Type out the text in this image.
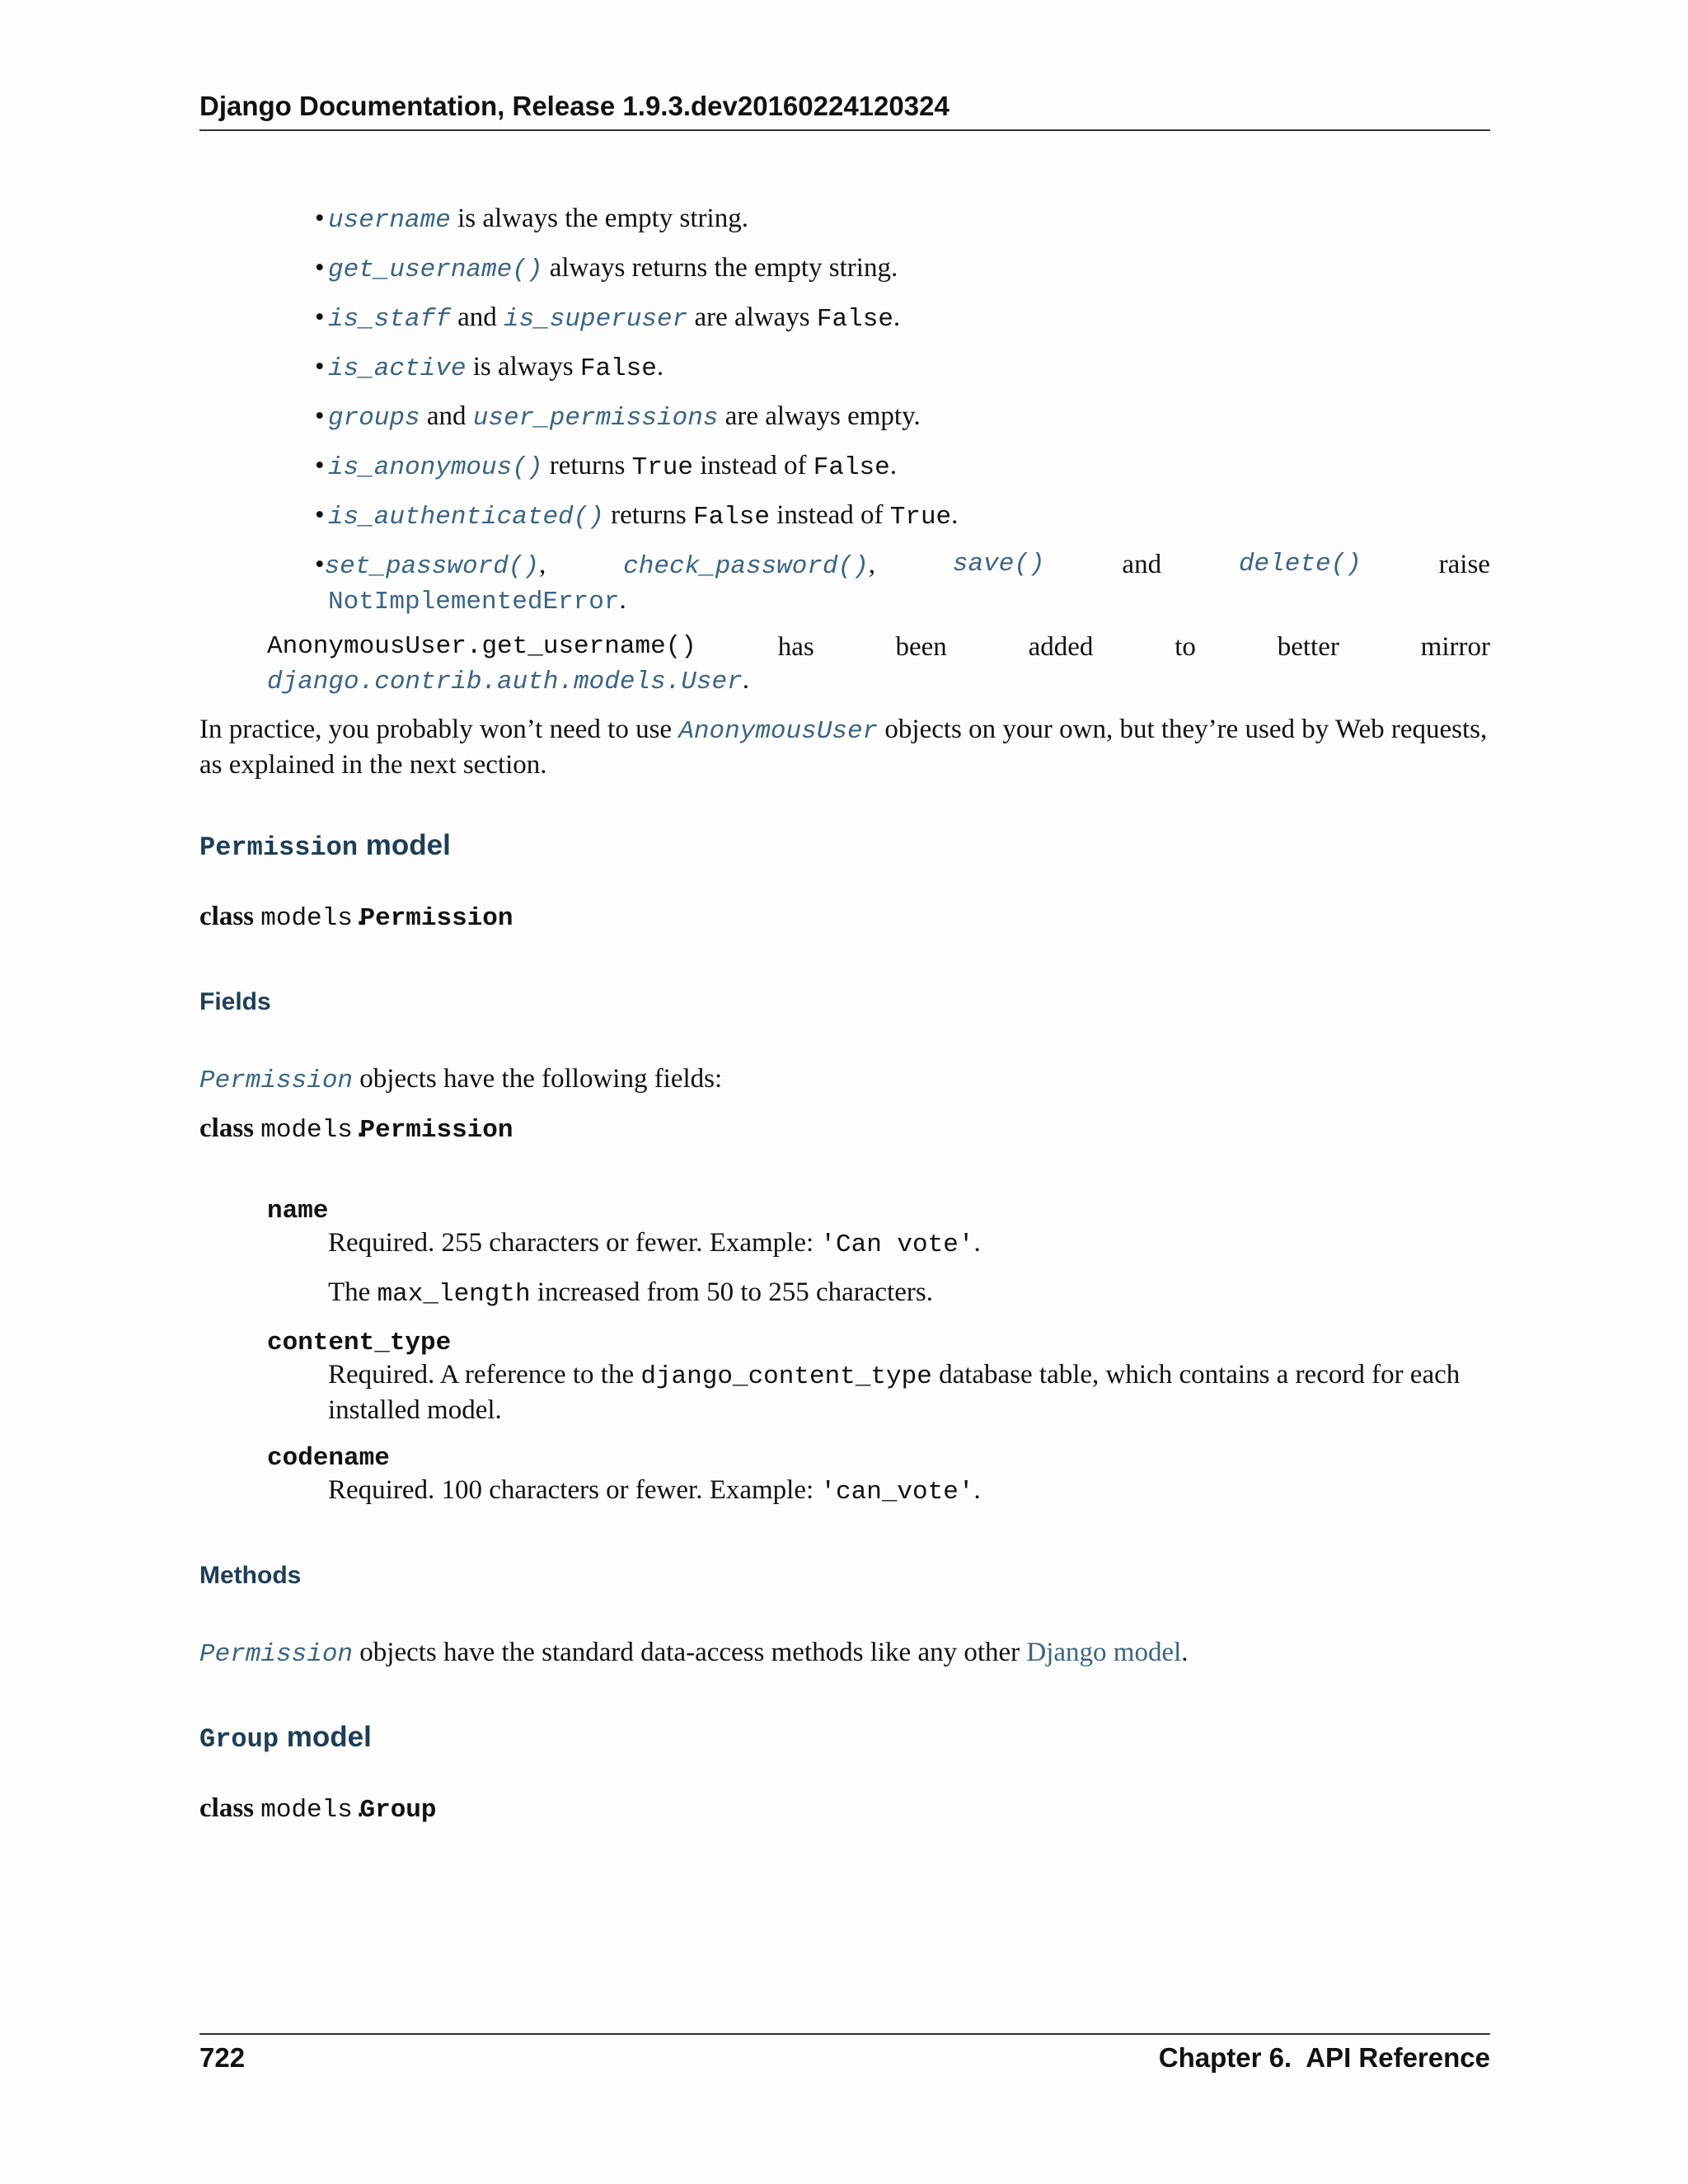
Django Documentation, Release 1.9.3.dev20160224120324
• username is always the empty string.
• get_username() always returns the empty string.
• is_staff and is_superuser are always False.
• is_active is always False.
• groups and user_permissions are always empty.
• is_anonymous() returns True instead of False.
• is_authenticated() returns False instead of True.
•set_password(),	check_password(),	save()	and	delete()	raise
NotImplementedError.
AnonymousUser.get_username()	has	been	added	to	better	mirror
django.contrib.auth.models.User.
In practice, you probably won’t need to use AnonymousUser objects on your own, but they’re used by Web requests,
as explained in the next section.
Permission model
class models.Permission
Fields
Permission objects have the following fields:
class models.Permission
name
Required. 255 characters or fewer. Example: 'Can vote'.
The max_length increased from 50 to 255 characters.
content_type
Required. A reference to the django_content_type database table, which contains a record for each
installed model.
codename
Required. 100 characters or fewer. Example: 'can_vote'.
Methods
Permission objects have the standard data-access methods like any other Django model.
Group model
class models.Group
722	Chapter 6.  API Reference
